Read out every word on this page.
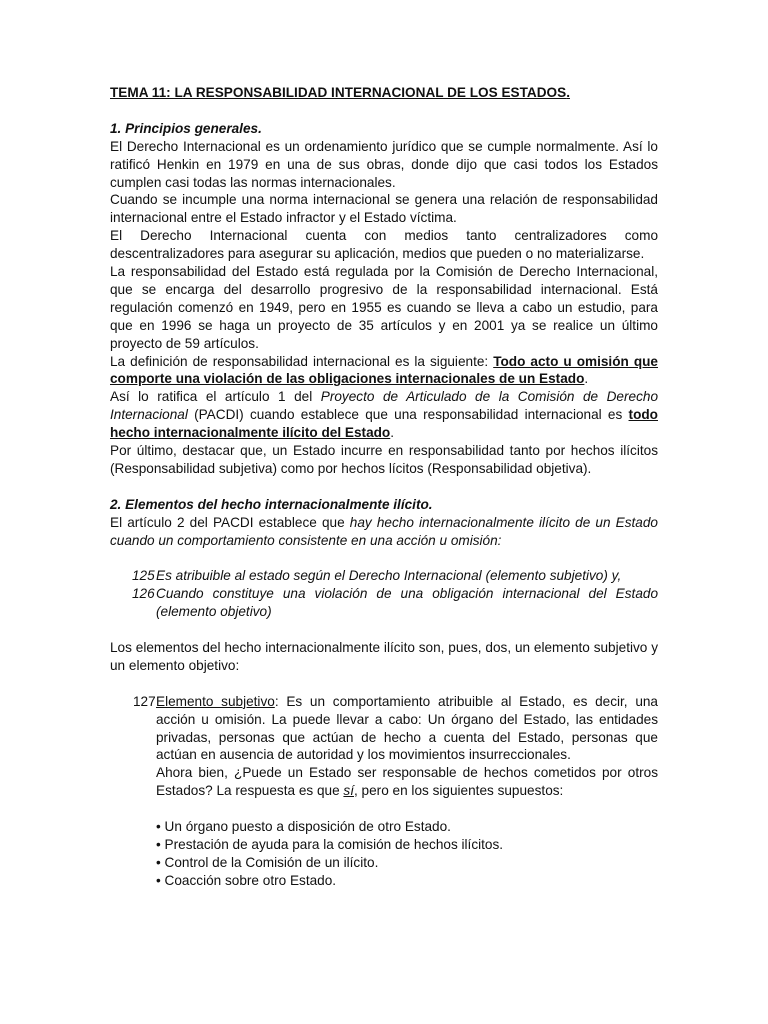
TEMA 11: LA RESPONSABILIDAD INTERNACIONAL DE LOS ESTADOS.
1. Principios generales.

El Derecho Internacional es un ordenamiento jurídico que se cumple normalmente. Así lo ratificó Henkin en 1979 en una de sus obras, donde dijo que casi todos los Estados cumplen casi todas las normas internacionales.

Cuando se incumple una norma internacional se genera una relación de responsabilidad internacional entre el Estado infractor y el Estado víctima.

El Derecho Internacional cuenta con medios tanto centralizadores como descentralizadores para asegurar su aplicación, medios que pueden o no materializarse.

La responsabilidad del Estado está regulada por la Comisión de Derecho Internacional, que se encarga del desarrollo progresivo de la responsabilidad internacional. Está regulación comenzó en 1949, pero en 1955 es cuando se lleva a cabo un estudio, para que en 1996 se haga un proyecto de 35 artículos y en 2001 ya se realice un último proyecto de 59 artículos.

La definición de responsabilidad internacional es la siguiente: Todo acto u omisión que comporte una violación de las obligaciones internacionales de un Estado.

Así lo ratifica el artículo 1 del Proyecto de Articulado de la Comisión de Derecho Internacional (PACDI) cuando establece que una responsabilidad internacional es todo hecho internacionalmente ilícito del Estado.

Por último, destacar que, un Estado incurre en responsabilidad tanto por hechos ilícitos (Responsabilidad subjetiva) como por hechos lícitos (Responsabilidad objetiva).

2. Elementos del hecho internacionalmente ilícito.

El artículo 2 del PACDI establece que hay hecho internacionalmente ilícito de un Estado cuando un comportamiento consistente en una acción u omisión:

125 Es atribuible al estado según el Derecho Internacional (elemento subjetivo) y,
126 Cuando constituye una violación de una obligación internacional del Estado (elemento objetivo)

Los elementos del hecho internacionalmente ilícito son, pues, dos, un elemento subjetivo y un elemento objetivo:

127 Elemento subjetivo: Es un comportamiento atribuible al Estado, es decir, una acción u omisión. La puede llevar a cabo: Un órgano del Estado, las entidades privadas, personas que actúan de hecho a cuenta del Estado, personas que actúan en ausencia de autoridad y los movimientos insurreccionales.

Ahora bien, ¿Puede un Estado ser responsable de hechos cometidos por otros Estados? La respuesta es que sí, pero en los siguientes supuestos:

• Un órgano puesto a disposición de otro Estado.
• Prestación de ayuda para la comisión de hechos ilícitos.
• Control de la Comisión de un ilícito.
• Coacción sobre otro Estado.
